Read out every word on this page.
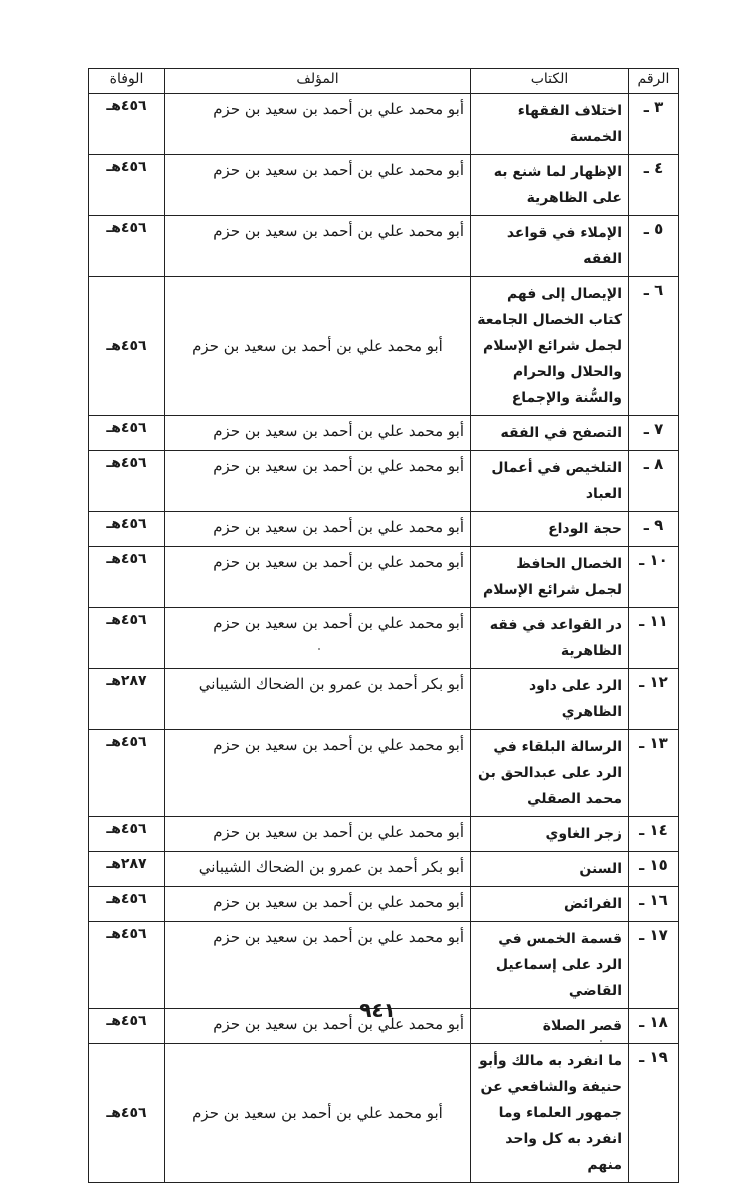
الرقم	الكتاب	المؤلف	الوفاة
٣ ـ	اختلاف الفقهاء الخمسة	أبو محمد علي بن أحمد بن سعيد بن حزم	٤٥٦هـ
٤ ـ	الإظهار لما شنع به على الظاهرية	أبو محمد علي بن أحمد بن سعيد بن حزم	٤٥٦هـ
٥ ـ	الإملاء في قواعد الفقه	أبو محمد علي بن أحمد بن سعيد بن حزم	٤٥٦هـ
٦ ـ	الإيصال إلى فهم كتاب الخصال الجامعة لجمل شرائع الإسلام والحلال والحرام والسُّنة والإجماع	أبو محمد علي بن أحمد بن سعيد بن حزم	٤٥٦هـ
٧ ـ	التصفح في الفقه	أبو محمد علي بن أحمد بن سعيد بن حزم	٤٥٦هـ
٨ ـ	التلخيص في أعمال العباد	أبو محمد علي بن أحمد بن سعيد بن حزم	٤٥٦هـ
٩ ـ	حجة الوداع	أبو محمد علي بن أحمد بن سعيد بن حزم	٤٥٦هـ
١٠ ـ	الخصال الحافظ لجمل شرائع الإسلام	أبو محمد علي بن أحمد بن سعيد بن حزم	٤٥٦هـ
١١ ـ	در القواعد في فقه الظاهرية	أبو محمد علي بن أحمد بن سعيد بن حزم	٤٥٦هـ
١٢ ـ	الرد على داود الظاهري	أبو بكر أحمد بن عمرو بن الضحاك الشيباني	٢٨٧هـ
١٣ ـ	الرسالة البلقاء في الرد على عبدالحق بن محمد الصقلي	أبو محمد علي بن أحمد بن سعيد بن حزم	٤٥٦هـ
١٤ ـ	زجر الغاوي	أبو محمد علي بن أحمد بن سعيد بن حزم	٤٥٦هـ
١٥ ـ	السنن	أبو بكر أحمد بن عمرو بن الضحاك الشيباني	٢٨٧هـ
١٦ ـ	الفرائض	أبو محمد علي بن أحمد بن سعيد بن حزم	٤٥٦هـ
١٧ ـ	قسمة الخمس في الرد على إسماعيل القاضي	أبو محمد علي بن أحمد بن سعيد بن حزم	٤٥٦هـ
١٨ ـ	قصر الصلاة	أبو محمد علي بن أحمد بن سعيد بن حزم	٤٥٦هـ
١٩ ـ	ما انفرد به مالك وأبو حنيفة والشافعي عن جمهور العلماء وما انفرد به كل واحد منهم	أبو محمد علي بن أحمد بن سعيد بن حزم	٤٥٦هـ
٩٤١
